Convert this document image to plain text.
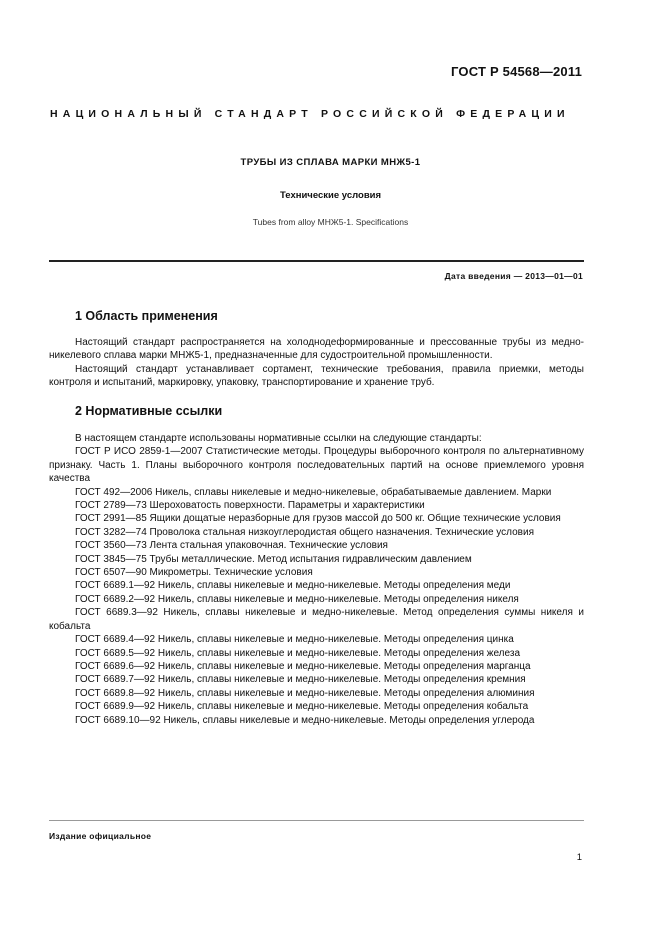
ГОСТ Р 54568—2011
НАЦИОНАЛЬНЫЙ СТАНДАРТ РОССИЙСКОЙ ФЕДЕРАЦИИ
ТРУБЫ ИЗ СПЛАВА МАРКИ МНЖ5-1
Технические условия
Tubes from alloy МНЖ5-1. Specifications
Дата введения — 2013—01—01
1 Область применения

Настоящий стандарт распространяется на холоднодеформированные и прессованные трубы из медно-никелевого сплава марки МНЖ5-1, предназначенные для судостроительной промышленности.

Настоящий стандарт устанавливает сортамент, технические требования, правила приемки, методы контроля и испытаний, маркировку, упаковку, транспортирование и хранение труб.

2 Нормативные ссылки

В настоящем стандарте использованы нормативные ссылки на следующие стандарты:

ГОСТ Р ИСО 2859-1—2007 Статистические методы. Процедуры выборочного контроля по альтернативному признаку. Часть 1. Планы выборочного контроля последовательных партий на основе приемлемого уровня качества

ГОСТ 492—2006 Никель, сплавы никелевые и медно-никелевые, обрабатываемые давлением. Марки

ГОСТ 2789—73 Шероховатость поверхности. Параметры и характеристики

ГОСТ 2991—85 Ящики дощатые неразборные для грузов массой до 500 кг. Общие технические условия

ГОСТ 3282—74 Проволока стальная низкоуглеродистая общего назначения. Технические условия

ГОСТ 3560—73 Лента стальная упаковочная. Технические условия

ГОСТ 3845—75 Трубы металлические. Метод испытания гидравлическим давлением

ГОСТ 6507—90 Микрометры. Технические условия

ГОСТ 6689.1—92 Никель, сплавы никелевые и медно-никелевые. Методы определения меди

ГОСТ 6689.2—92 Никель, сплавы никелевые и медно-никелевые. Методы определения никеля

ГОСТ 6689.3—92 Никель, сплавы никелевые и медно-никелевые. Метод определения суммы никеля и кобальта

ГОСТ 6689.4—92 Никель, сплавы никелевые и медно-никелевые. Методы определения цинка

ГОСТ 6689.5—92 Никель, сплавы никелевые и медно-никелевые. Методы определения железа

ГОСТ 6689.6—92 Никель, сплавы никелевые и медно-никелевые. Методы определения марганца

ГОСТ 6689.7—92 Никель, сплавы никелевые и медно-никелевые. Методы определения кремния

ГОСТ 6689.8—92 Никель, сплавы никелевые и медно-никелевые. Методы определения алюминия

ГОСТ 6689.9—92 Никель, сплавы никелевые и медно-никелевые. Методы определения кобальта

ГОСТ 6689.10—92 Никель, сплавы никелевые и медно-никелевые. Методы определения углерода

Издание официальное
1
